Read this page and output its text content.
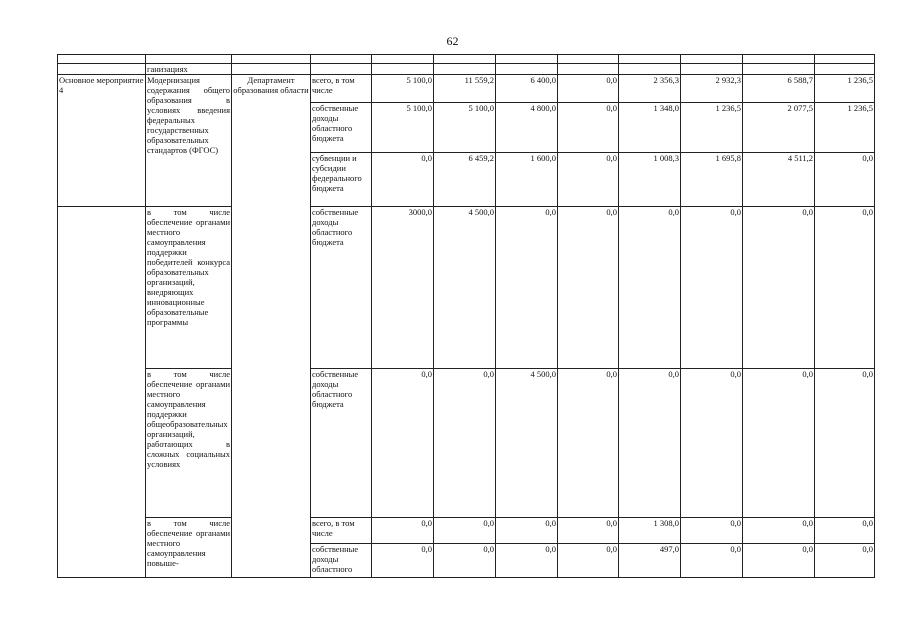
62

	ганизациях										
Основное мероприятие 4	Модернизация содержания общего образования в условиях введения федеральных государственных образовательных стандартов (ФГОС)	Департамент образования области	всего, в том числе	5 100,0	11 559,2	6 400,0	0,0	2 356,3	2 932,3	6 588,7	1 236,5
			собственные доходы областного бюджета	5 100,0	5 100,0	4 800,0	0,0	1 348,0	1 236,5	2 077,5	1 236,5
			субвенции и субсидии федерального бюджета	0,0	6 459,2	1 600,0	0,0	1 008,3	1 695,8	4 511,2	0,0
	в том числе обеспечение органами местного самоуправления поддержки победителей конкурса образовательных организаций, внедряющих инновационные образовательные программы		собственные доходы областного бюджета	3000,0	4 500,0	0,0	0,0	0,0	0,0	0,0	0,0
	в том числе обеспечение органами местного самоуправления поддержки общеобразовательных организаций, работающих в сложных социальных условиях		собственные доходы областного бюджета	0,0	0,0	4 500,0	0,0	0,0	0,0	0,0	0,0
	в том числе обеспечение органами местного самоуправления повыше-		всего, в том числе	0,0	0,0	0,0	0,0	1 308,0	0,0	0,0	0,0
			собственные доходы областного	0,0	0,0	0,0	0,0	497,0	0,0	0,0	0,0
